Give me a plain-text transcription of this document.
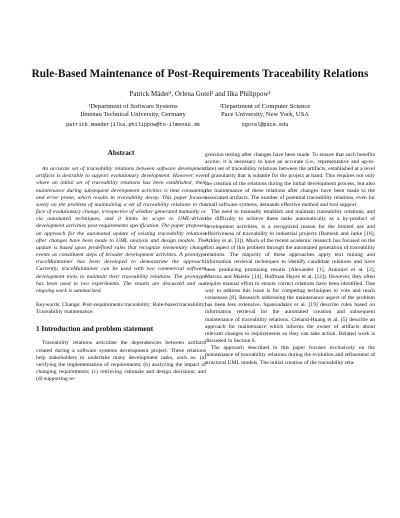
Rule-Based Maintenance of Post-Requirements Traceability Relations
Patrick Mäder¹, Orlena Gotel² and Ilka Philippow¹
¹Department of Software Systems
Ilmenau Technical University, Germany
patrick.maeder|ilka.philippow@tu-ilmenau.de
²Department of Computer Science
Pace University, New York, USA
ogotel@pace.edu
Abstract

An accurate set of traceability relations between software development artifacts is desirable to support evolutionary development. However, even where an initial set of traceability relations has been established, their maintenance during subsequent development activities is time consuming and error prone, which results in traceability decay. This paper focuses solely on the problem of maintaining a set of traceability relations in the face of evolutionary change, irrespective of whether generated manually or via automated techniques, and it limits its scope to UML-driven development activities post-requirements specification. The paper proposes an approach for the automated update of existing traceability relations after changes have been made to UML analysis and design models. The update is based upon predefined rules that recognize elementary change events as constituent steps of broader development activities. A prototype traceMaintainer has been developed to demonstrate the approach. Currently, traceMaintainer can be used with two commercial software development tools to maintain their traceability relations. The prototype has been used in two experiments. The results are discussed and our ongoing work is summarized.

Keywords: Change; Post-requirements traceability; Rule-based traceability; Traceability maintenance.
1 Introduction and problem statement

Traceability relations articulate the dependencies between artifacts created during a software systems development project. These relations help stakeholders to undertake many development tasks, such as: (a) verifying the implementation of requirements; (b) analyzing the impact of changing requirements; (c) retrieving rationale and design decisions; and (d) supporting re-

gression testing after changes have been made. To ensure that such benefits accrue, it is necessary to have an accurate (i.e., representative and up-to-date) set of traceability relations between the artifacts, established at a level of granularity that is suitable for the project at hand. This requires not only the creation of the relations during the initial development process, but also the maintenance of these relations after changes have been made to the associated artifacts. The number of potential traceability relations, even for small software systems, demands effective method and tool support.

The need to manually establish and maintain traceability relations, and the difficulty to achieve these tasks automatically as a by-product of development activities, is a recognized reason for the limited use and effectiveness of traceability in industrial projects (Ramesh and Jarke [16], Arkley et al. [3]). Much of the recent academic research has focused on the first aspect of this problem through the automated generation of traceability relations. The majority of these approaches apply text mining and information retrieval techniques to identify candidate relations and have been producing promising results (Alexander [1], Antoniol et al. [2], Marcus and Maletic [14], Huffman Hayes et al. [12]). However, they often require manual effort to ensure correct relations have been identified. One way to address this issue is for competing techniques to vote and reach consensus [8]. Research addressing the maintenance aspect of the problem has been less extensive. Spanoudakis et al. [19] describe rules based on information retrieval for the automated creation and subsequent maintenance of traceability relations. Cleland-Huang et al. [5] describe an approach for maintenance which informs the owner of artifacts about relevant changes to requirements so they can take action. Related work is discussed in Section 6.

The approach described in this paper focuses exclusively on the maintenance of traceability relations during the evolution and refinement of structural UML models. The initial creation of the traceability rela-
